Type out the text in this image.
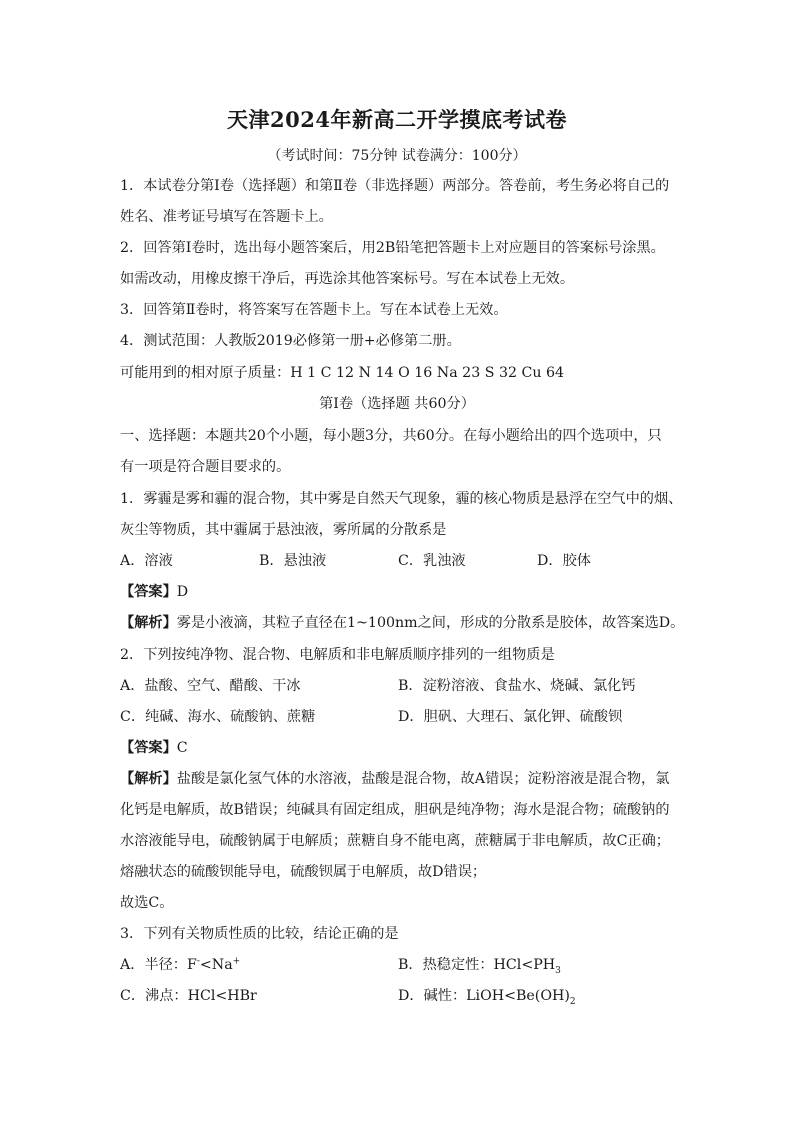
天津2024年新高二开学摸底考试卷
（考试时间：75分钟 试卷满分：100分）
1．本试卷分第Ⅰ卷（选择题）和第Ⅱ卷（非选择题）两部分。答卷前，考生务必将自己的
姓名、准考证号填写在答题卡上。
2．回答第Ⅰ卷时，选出每小题答案后，用2B铅笔把答题卡上对应题目的答案标号涂黑。
如需改动，用橡皮擦干净后，再选涂其他答案标号。写在本试卷上无效。
3．回答第Ⅱ卷时，将答案写在答题卡上。写在本试卷上无效。
4．测试范围：人教版2019必修第一册+必修第二册。
可能用到的相对原子质量：H 1 C 12 N 14 O 16 Na 23 S 32 Cu 64
第Ⅰ卷（选择题 共60分）
一、选择题：本题共20个小题，每小题3分，共60分。在每小题给出的四个选项中，只
有一项是符合题目要求的。
1．雾霾是雾和霾的混合物，其中雾是自然天气现象，霾的核心物质是悬浮在空气中的烟、
灰尘等物质，其中霾属于悬浊液，雾所属的分散系是
A．溶液	B．悬浊液	C．乳浊液	D．胶体
【答案】D
【解析】雾是小液滴，其粒子直径在1~100nm之间，形成的分散系是胶体，故答案选D。
2．下列按纯净物、混合物、电解质和非电解质顺序排列的一组物质是
A．盐酸、空气、醋酸、干冰	B．淀粉溶液、食盐水、烧碱、氯化钙
C．纯碱、海水、硫酸钠、蔗糖	D．胆矾、大理石、氯化钾、硫酸钡
【答案】C
【解析】盐酸是氯化氢气体的水溶液，盐酸是混合物，故A错误；淀粉溶液是混合物，氯
化钙是电解质，故B错误；纯碱具有固定组成，胆矾是纯净物；海水是混合物；硫酸钠的
水溶液能导电，硫酸钠属于电解质；蔗糖自身不能电离，蔗糖属于非电解质，故C正确；
熔融状态的硫酸钡能导电，硫酸钡属于电解质，故D错误；
故选C。
3．下列有关物质性质的比较，结论正确的是
A．半径：F-<Na+	B．热稳定性：$HCl<PH_3$
C．沸点：HCl<HBr	D．碱性：$LiOH<Be(OH)_2$
